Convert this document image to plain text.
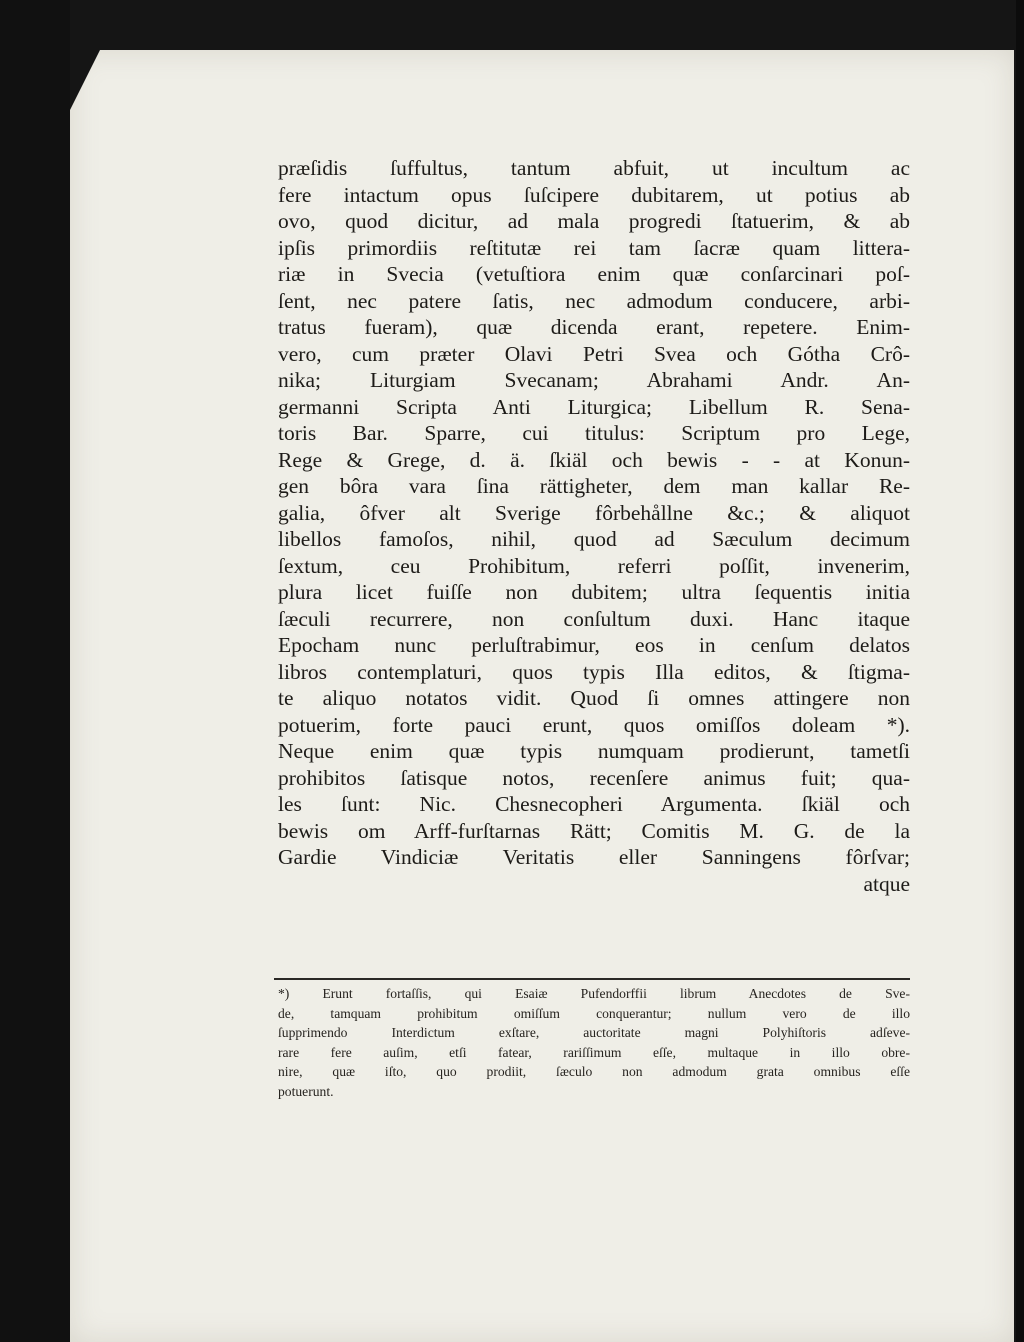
præſidis ſuffultus, tantum abfuit, ut incultum ac
fere intactum opus ſuſcipere dubitarem, ut potius ab
ovo, quod dicitur, ad mala progredi ſtatuerim, & ab
ipſis primordiis reſtitutæ rei tam ſacræ quam littera-
riæ in Svecia (vetuſtiora enim quæ conſarcinari poſ-
ſent, nec patere ſatis, nec admodum conducere, arbi-
tratus fueram), quæ dicenda erant, repetere. Enim-
vero, cum præter Olavi Petri Svea och Gótha Crô-
nika; Liturgiam Svecanam; Abrahami Andr. An-
germanni Scripta Anti Liturgica; Libellum R. Sena-
toris Bar. Sparre, cui titulus: Scriptum pro Lege,
Rege & Grege, d. ä. ſkiäl och bewis - - at Konun-
gen bôra vara ſina rättigheter, dem man kallar Re-
galia, ôfver alt Sverige fôrbehållne &c.; & aliquot
libellos famoſos, nihil, quod ad Sæculum decimum
ſextum, ceu Prohibitum, referri poſſit, invenerim,
plura licet fuiſſe non dubitem; ultra ſequentis initia
ſæculi recurrere, non conſultum duxi. Hanc itaque
Epocham nunc perluſtrabimur, eos in cenſum delatos
libros contemplaturi, quos typis Illa editos, & ſtigma-
te aliquo notatos vidit. Quod ſi omnes attingere non
potuerim, forte pauci erunt, quos omiſſos doleam *).
Neque enim quæ typis numquam prodierunt, tametſi
prohibitos ſatisque notos, recenſere animus fuit; qua-
les ſunt: Nic. Chesnecopheri Argumenta. ſkiäl och
bewis om Arff-furſtarnas Rätt; Comitis M. G. de la
Gardie Vindiciæ Veritatis eller Sanningens fôrſvar;
atque
*) Erunt fortaſſis, qui Esaiæ Pufendorffii librum Anecdotes de Sve-
de, tamquam prohibitum omiſſum conquerantur; nullum vero de illo
ſupprimendo Interdictum exſtare, auctoritate magni Polyhiſtoris adſeve-
rare fere auſim, etſi fatear, rariſſimum eſſe, multaque in illo obre-
nire, quæ iſto, quo prodiit, ſæculo non admodum grata omnibus eſſe
potuerunt.
